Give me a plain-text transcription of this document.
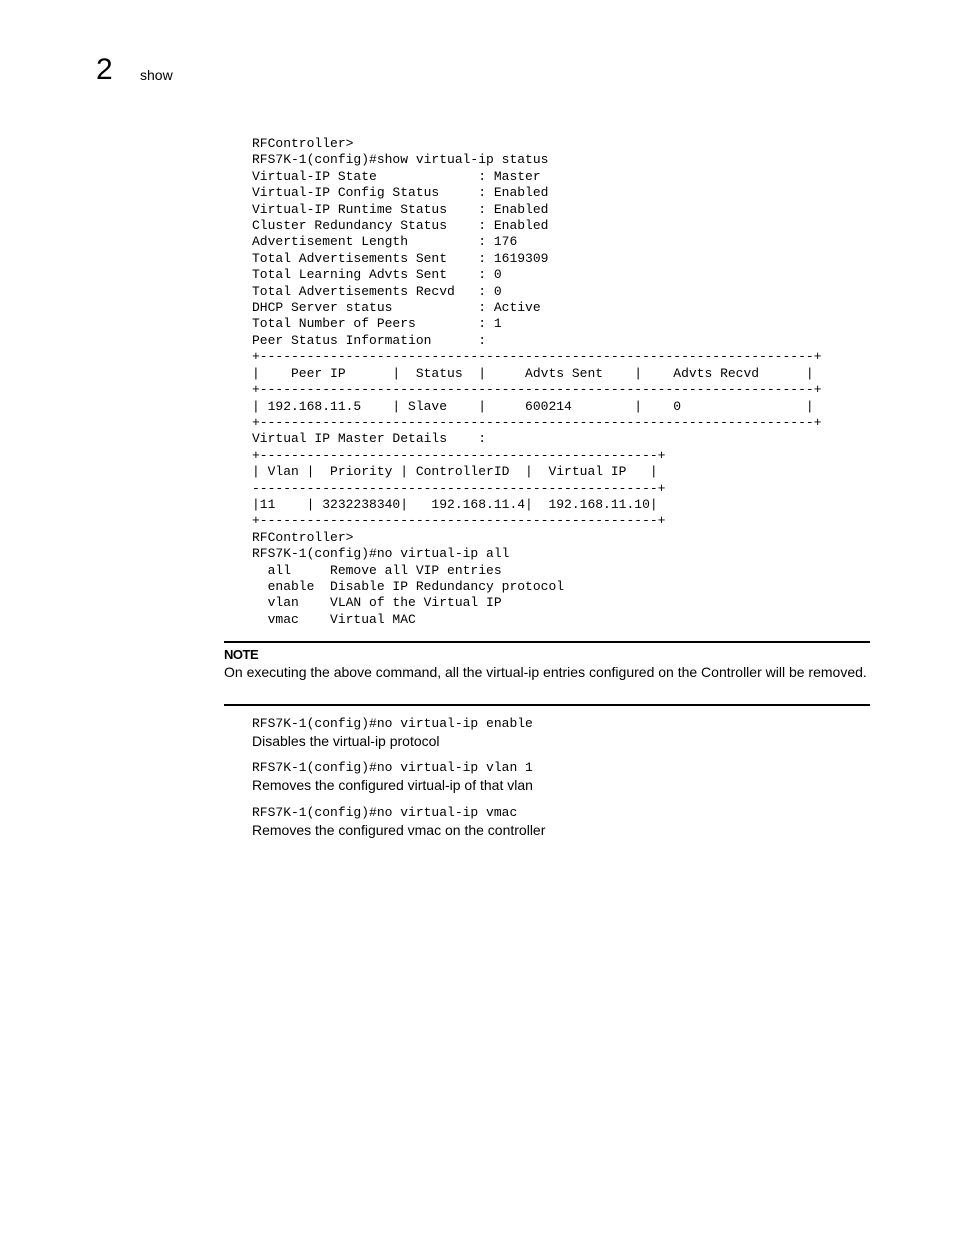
2 show
RFController>
RFS7K-1(config)#show virtual-ip status
Virtual-IP State             : Master
Virtual-IP Config Status     : Enabled
Virtual-IP Runtime Status    : Enabled
Cluster Redundancy Status    : Enabled
Advertisement Length         : 176
Total Advertisements Sent    : 1619309
Total Learning Advts Sent    : 0
Total Advertisements Recvd   : 0
DHCP Server status           : Active
Total Number of Peers        : 1
Peer Status Information      :
+-----------------------------------------------------------------------+
|    Peer IP      |  Status  |     Advts Sent    |    Advts Recvd      |
+-----------------------------------------------------------------------+
| 192.168.11.5    | Slave    |     600214        |    0                |
+-----------------------------------------------------------------------+
Virtual IP Master Details    :
+---------------------------------------------------+
| Vlan |  Priority | ControllerID  |  Virtual IP   |
----------------------------------------------------+
|11    | 3232238340|   192.168.11.4|  192.168.11.10|
+---------------------------------------------------+
RFController>
RFS7K-1(config)#no virtual-ip all
all     Remove all VIP entries
enable  Disable IP Redundancy protocol
vlan    VLAN of the Virtual IP
vmac    Virtual MAC
NOTE
On executing the above command, all the virtual-ip entries configured on the Controller will be removed.
RFS7K-1(config)#no virtual-ip enable
Disables the virtual-ip protocol
RFS7K-1(config)#no virtual-ip vlan 1
Removes the configured virtual-ip of that vlan
RFS7K-1(config)#no virtual-ip vmac
Removes the configured vmac on the controller
